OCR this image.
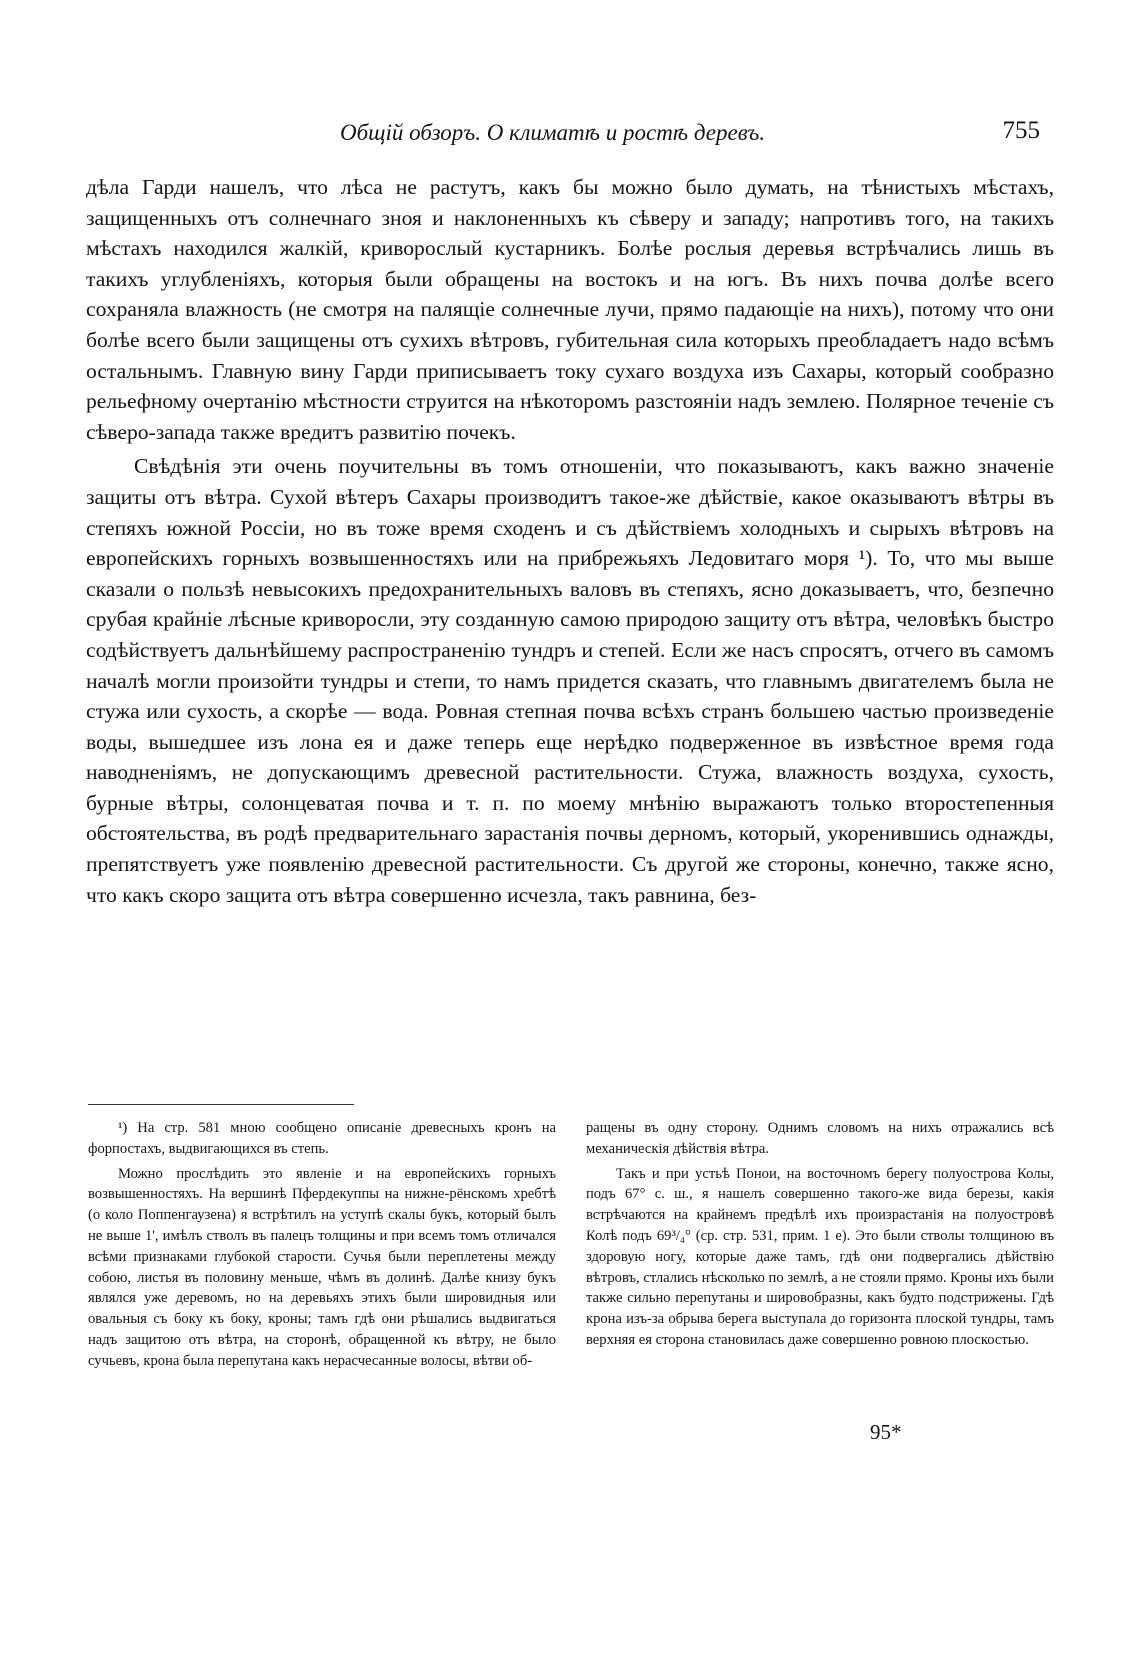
Общій обзоръ. О климатѣ и ростѣ деревъ.	755

дѣла Гарди нашелъ, что лѣса не растутъ, какъ бы можно было думать, на тѣнистыхъ мѣстахъ, защищенныхъ отъ солнечнаго зноя и наклоненныхъ къ сѣверу и западу; напротивъ того, на такихъ мѣстахъ находился жалкій, криворослый кустарникъ. Болѣе рослыя деревья встрѣчались лишь въ такихъ углубленіяхъ, которыя были обращены на востокъ и на югъ. Въ нихъ почва долѣе всего сохраняла влажность (не смотря на палящіе солнечные лучи, прямо падающіе на нихъ), потому что они болѣе всего были защищены отъ сухихъ вѣтровъ, губительная сила которыхъ преобладаетъ надо всѣмъ остальнымъ. Главную вину Гарди приписываетъ току сухаго воздуха изъ Сахары, который сообразно рельефному очертанію мѣстности струится на нѣкоторомъ разстояніи надъ землею. Полярное теченіе съ сѣверо-запада также вредитъ развитію почекъ.

Свѣдѣнія эти очень поучительны въ томъ отношеніи, что показываютъ, какъ важно значеніе защиты отъ вѣтра. Сухой вѣтеръ Сахары производитъ такое-же дѣйствіе, какое оказываютъ вѣтры въ степяхъ южной Россіи, но въ тоже время сходенъ и съ дѣйствіемъ холодныхъ и сырыхъ вѣтровъ на европейскихъ горныхъ возвышенностяхъ или на прибрежьяхъ Ледовитаго моря ¹). То, что мы выше сказали о пользѣ невысокихъ предохранительныхъ валовъ въ степяхъ, ясно доказываетъ, что, безпечно срубая крайніе лѣсные криворосли, эту созданную самою природою защиту отъ вѣтра, человѣкъ быстро содѣйствуетъ дальнѣйшему распространенію тундръ и степей. Если же насъ спросятъ, отчего въ самомъ началѣ могли произойти тундры и степи, то намъ придется сказать, что главнымъ двигателемъ была не стужа или сухость, а скорѣе — вода. Ровная степная почва всѣхъ странъ большею частью произведеніе воды, вышедшее изъ лона ея и даже теперь еще нерѣдко подверженное въ извѣстное время года наводненіямъ, не допускающимъ древесной растительности. Стужа, влажность воздуха, сухость, бурные вѣтры, солонцеватая почва и т. п. по моему мнѣнію выражаютъ только второстепенныя обстоятельства, въ родѣ предварительнаго зарастанія почвы дерномъ, который, укоренившись однажды, препятствуетъ уже появленію древесной растительности. Съ другой же стороны, конечно, также ясно, что какъ скоро защита отъ вѣтра совершенно исчезла, такъ равнина, без-

¹) На стр. 581 мною сообщено описаніе древесныхъ кронъ на форпостахъ, выдвигающихся въ степь.

Можно прослѣдить это явленіе и на европейскихъ горныхъ возвышенностяхъ. На вершинѣ Пфердекуппы на нижне-рёнскомъ хребтѣ (о коло Поппенгаузена) я встрѣтилъ на уступѣ скалы букъ, который былъ не выше 1', имѣлъ стволъ въ палецъ толщины и при всемъ томъ отличался всѣми признаками глубокой старости. Сучья были переплетены между собою, листья въ половину меньше, чѣмъ въ долинѣ. Далѣе книзу букъ являлся уже деревомъ, но на деревьяхъ этихъ были шировидныя или овальныя съ боку къ боку, кроны; тамъ гдѣ они рѣшались выдвигаться надъ защитою отъ вѣтра, на сторонѣ, обращенной къ вѣтру, не было сучьевъ, крона была перепутана какъ нерасчесанные волосы, вѣтви об-

ращены въ одну сторону. Однимъ словомъ на нихъ отражались всѣ механическія дѣйствія вѣтра.

Такъ и при устьѣ Понои, на восточномъ берегу полуострова Колы, подъ 67° с. ш., я нашелъ совершенно такого-же вида березы, какія встрѣчаются на крайнемъ предѣлѣ ихъ произрастанія на полуостровѣ Колѣ подъ 69³/₄° (ср. стр. 531, прим. 1 е). Это были стволы толщиною въ здоровую ногу, которые даже тамъ, гдѣ они подвергались дѣйствію вѣтровъ, стлались нѣсколько по землѣ, а не стояли прямо. Кроны ихъ были также сильно перепутаны и шировобразны, какъ будто подстрижены. Гдѣ крона изъ-за обрыва берега выступала до горизонта плоской тундры, тамъ верхняя ея сторона становилась даже совершенно ровною плоскостью.

95*
